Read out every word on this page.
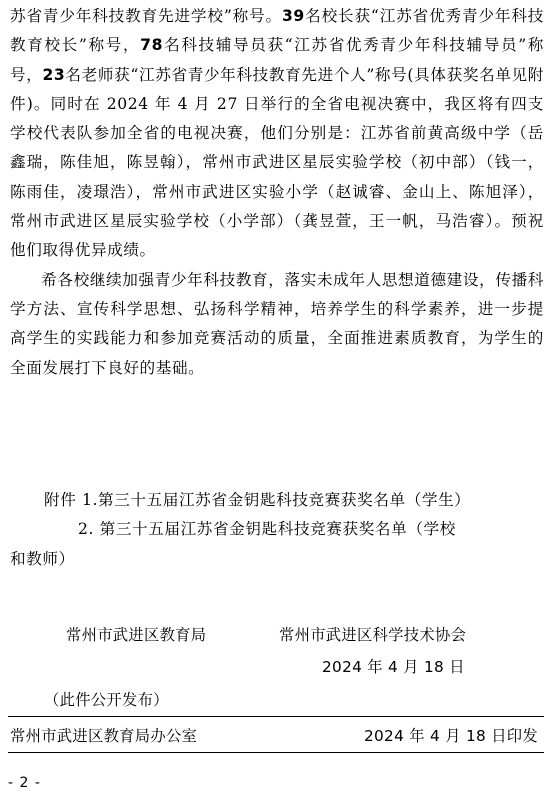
苏省青少年科技教育先进学校”称号。39名校长获“江苏省优秀青少年科技教育校长”称号，78名科技辅导员获“江苏省优秀青少年科技辅导员”称号，23名老师获“江苏省青少年科技教育先进个人”称号(具体获奖名单见附件)。同时在 2024 年 4 月 27 日举行的全省电视决赛中，我区将有四支学校代表队参加全省的电视决赛，他们分别是：江苏省前黄高级中学（岳鑫瑞，陈佳旭，陈昱翰），常州市武进区星辰实验学校（初中部）（钱一，陈雨佳，凌璟浩），常州市武进区实验小学（赵诚睿、金山上、陈旭泽），常州市武进区星辰实验学校（小学部）（龚昱萱，王一帆，马浩睿）。预祝他们取得优异成绩。

希各校继续加强青少年科技教育，落实未成年人思想道德建设，传播科学方法、宣传科学思想、弘扬科学精神，培养学生的科学素养，进一步提高学生的实践能力和参加竞赛活动的质量，全面推进素质教育，为学生的全面发展打下良好的基础。

附件 1.第三十五届江苏省金钥匙科技竞赛获奖名单（学生）
2. 第三十五届江苏省金钥匙科技竞赛获奖名单（学校
和教师）
常州市武进区教育局	常州市武进区科学技术协会
2024 年 4 月 18 日
（此件公开发布）
常州市武进区教育局办公室	2024 年 4 月 18 日印发
- 2 -
